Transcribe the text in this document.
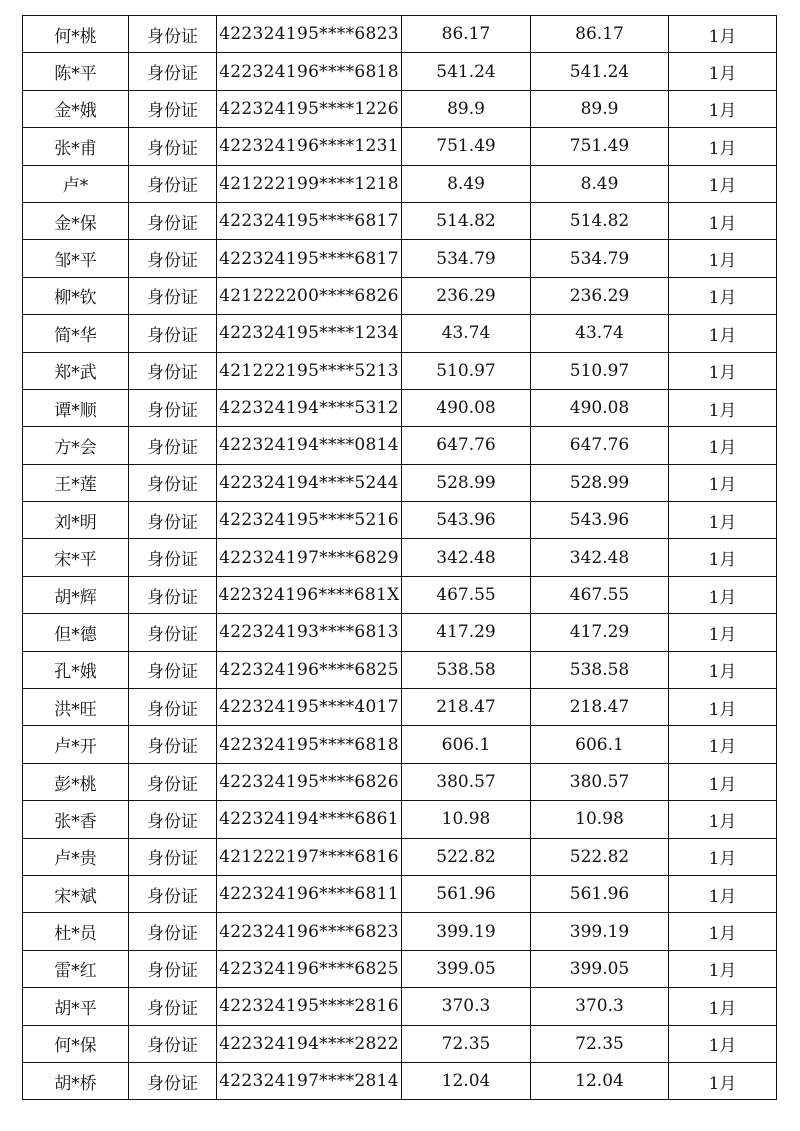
何*桃	身份证	422324195****6823	86.17	86.17	1月
陈*平	身份证	422324196****6818	541.24	541.24	1月
金*娥	身份证	422324195****1226	89.9	89.9	1月
张*甫	身份证	422324196****1231	751.49	751.49	1月
卢*	身份证	421222199****1218	8.49	8.49	1月
金*保	身份证	422324195****6817	514.82	514.82	1月
邹*平	身份证	422324195****6817	534.79	534.79	1月
柳*钦	身份证	421222200****6826	236.29	236.29	1月
简*华	身份证	422324195****1234	43.74	43.74	1月
郑*武	身份证	421222195****5213	510.97	510.97	1月
谭*顺	身份证	422324194****5312	490.08	490.08	1月
方*会	身份证	422324194****0814	647.76	647.76	1月
王*莲	身份证	422324194****5244	528.99	528.99	1月
刘*明	身份证	422324195****5216	543.96	543.96	1月
宋*平	身份证	422324197****6829	342.48	342.48	1月
胡*辉	身份证	422324196****681X	467.55	467.55	1月
但*德	身份证	422324193****6813	417.29	417.29	1月
孔*娥	身份证	422324196****6825	538.58	538.58	1月
洪*旺	身份证	422324195****4017	218.47	218.47	1月
卢*开	身份证	422324195****6818	606.1	606.1	1月
彭*桃	身份证	422324195****6826	380.57	380.57	1月
张*香	身份证	422324194****6861	10.98	10.98	1月
卢*贵	身份证	421222197****6816	522.82	522.82	1月
宋*斌	身份证	422324196****6811	561.96	561.96	1月
杜*员	身份证	422324196****6823	399.19	399.19	1月
雷*红	身份证	422324196****6825	399.05	399.05	1月
胡*平	身份证	422324195****2816	370.3	370.3	1月
何*保	身份证	422324194****2822	72.35	72.35	1月
胡*桥	身份证	422324197****2814	12.04	12.04	1月
